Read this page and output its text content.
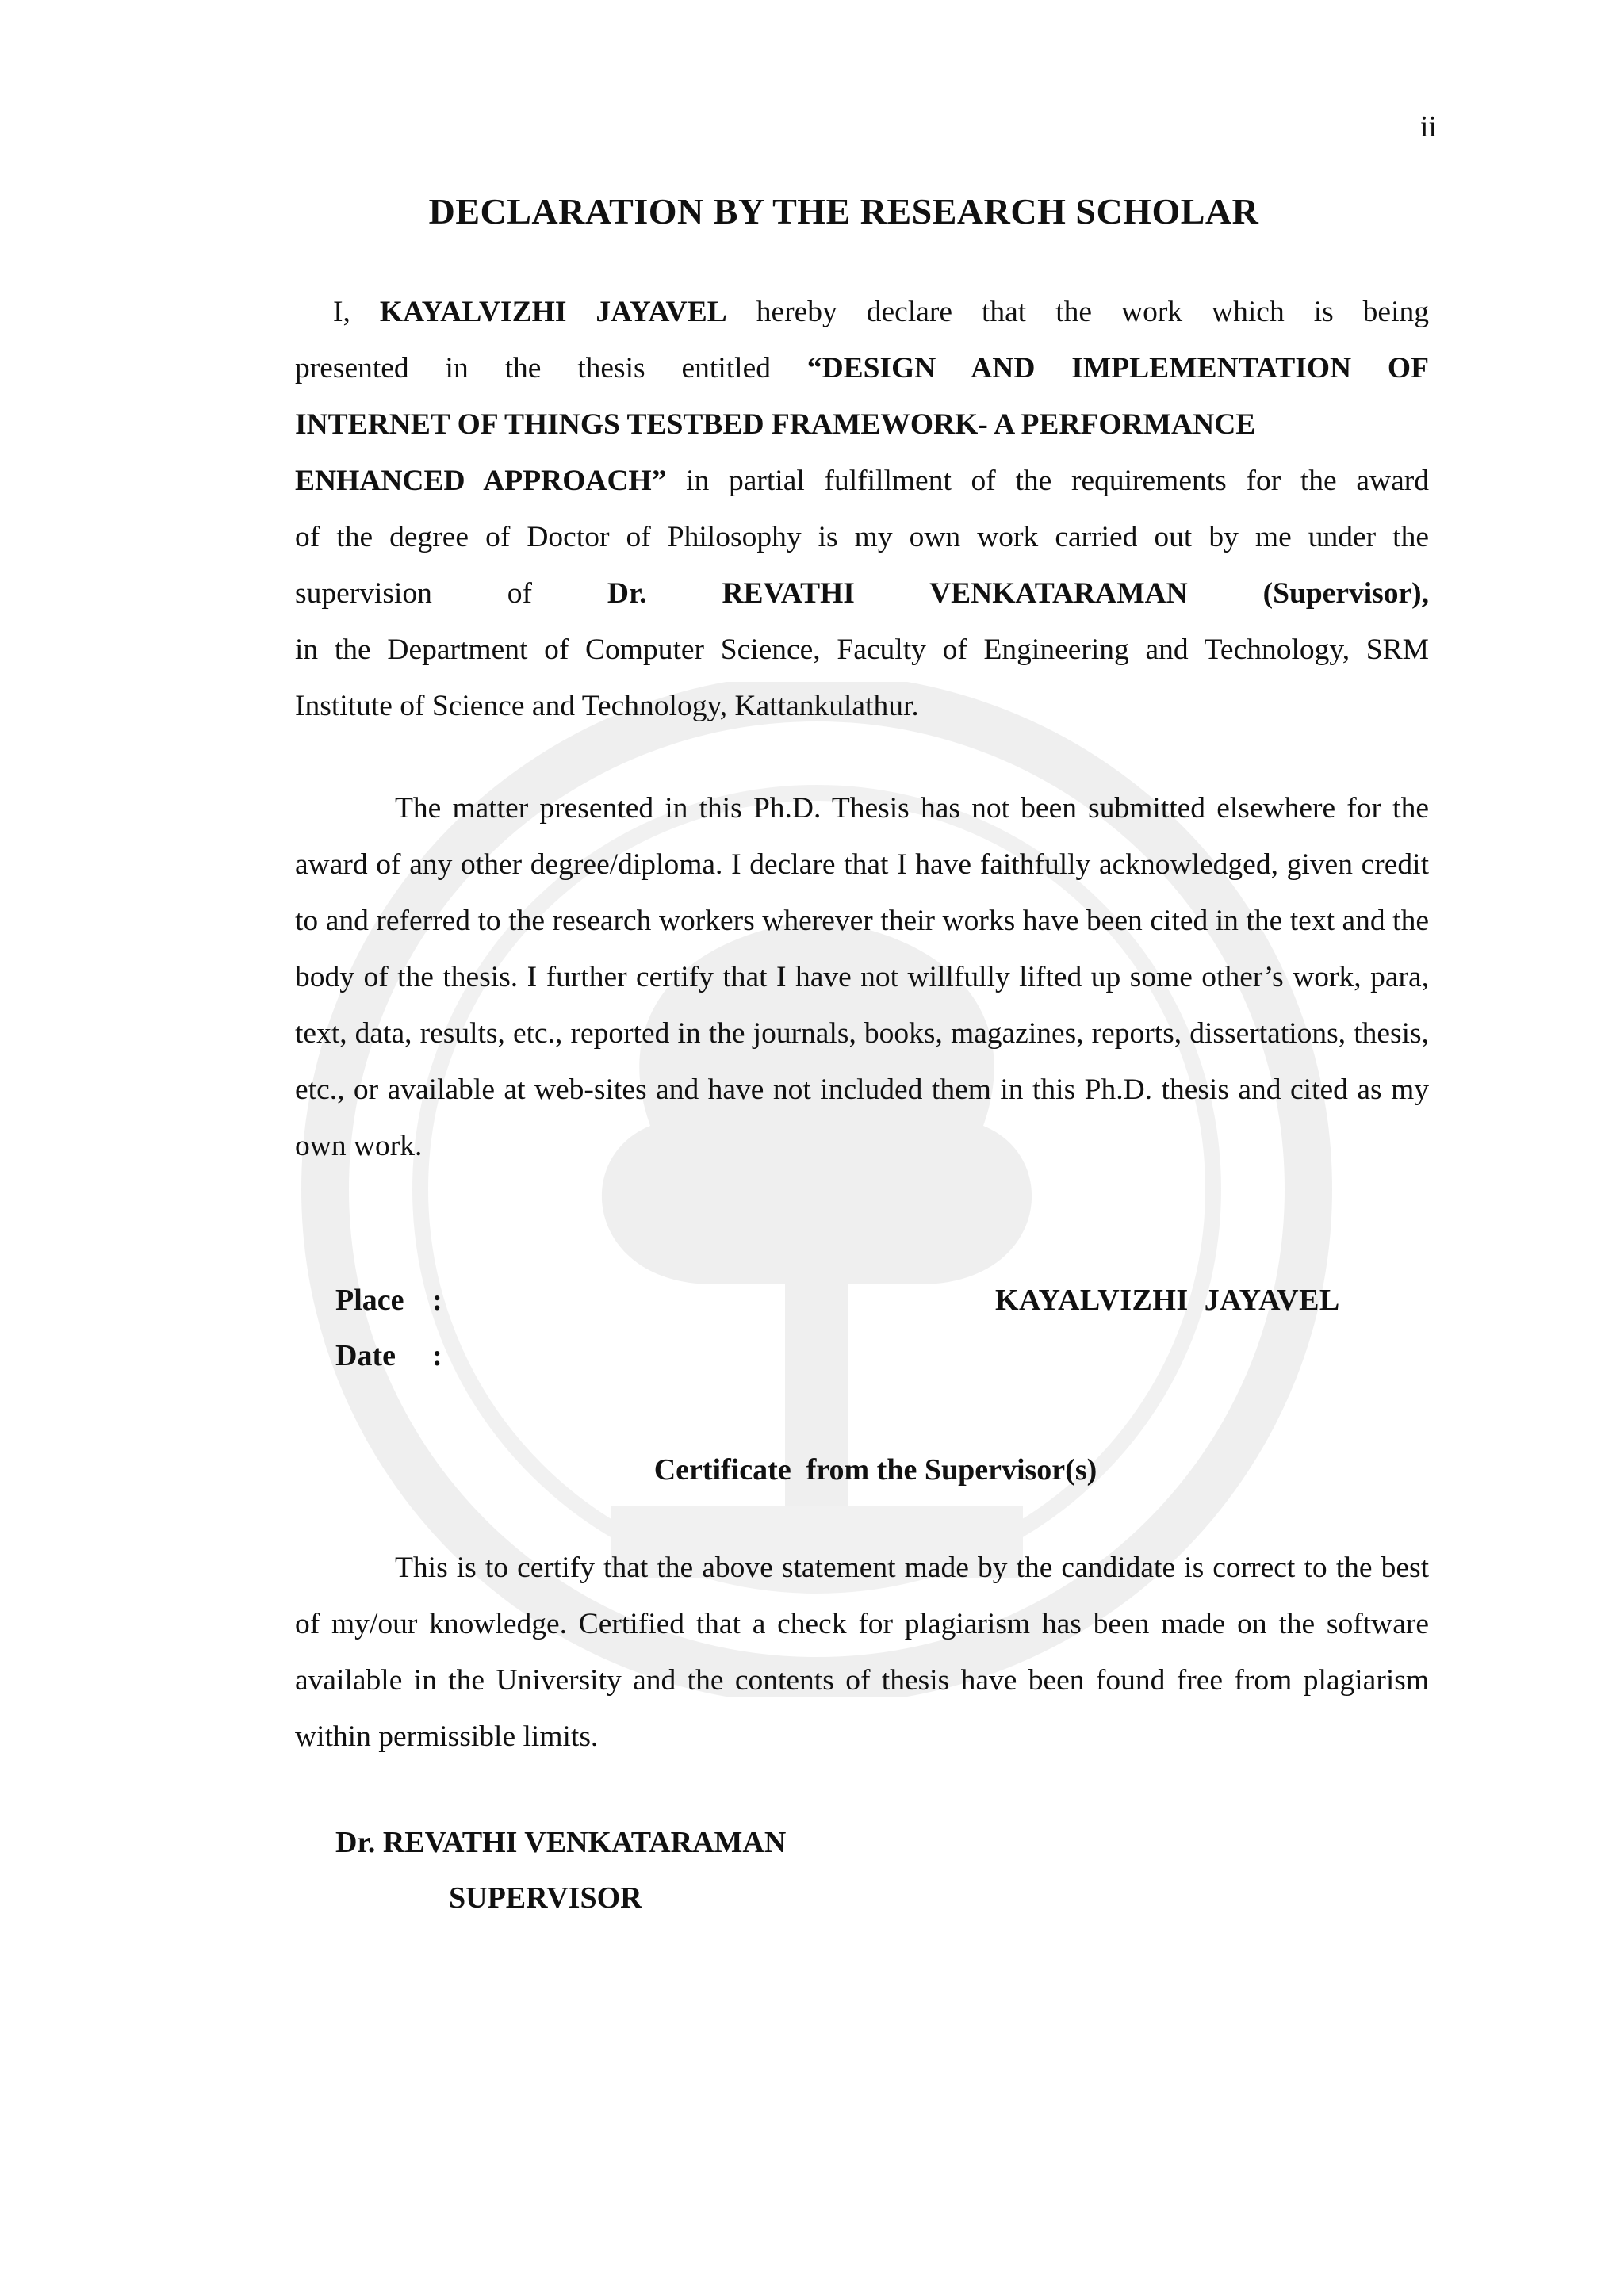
ii
DECLARATION BY THE RESEARCH SCHOLAR

I, KAYALVIZHI JAYAVEL hereby declare that the work which is being
presented in the thesis entitled “DESIGN AND IMPLEMENTATION OF
INTERNET OF THINGS TESTBED FRAMEWORK- A PERFORMANCE
ENHANCED APPROACH” in partial fulfillment of the requirements for the award
of the degree of Doctor of Philosophy is my own work carried out by me under the
supervision of Dr. REVATHI VENKATARAMAN (Supervisor),
in the Department of Computer Science, Faculty of Engineering and Technology, SRM Institute of Science and Technology, Kattankulathur.

The matter presented in this Ph.D. Thesis has not been submitted elsewhere for the award of any other degree/diploma. I declare that I have faithfully acknowledged, given credit to and referred to the research workers wherever their works have been cited in the text and the body of the thesis. I further certify that I have not willfully lifted up some other’s work, para, text, data, results, etc., reported in the journals, books, magazines, reports, dissertations, thesis, etc., or available at web-sites and have not included them in this Ph.D. thesis and cited as my own work.

Place :
Date :
KAYALVIZHI  JAYAVEL
Certificate  from the Supervisor(s)

This is to certify that the above statement made by the candidate is correct to the best of my/our knowledge. Certified that a check for plagiarism has been made on the software available in the University and the contents of thesis have been found free from plagiarism within permissible limits.

Dr. REVATHI VENKATARAMAN
SUPERVISOR
